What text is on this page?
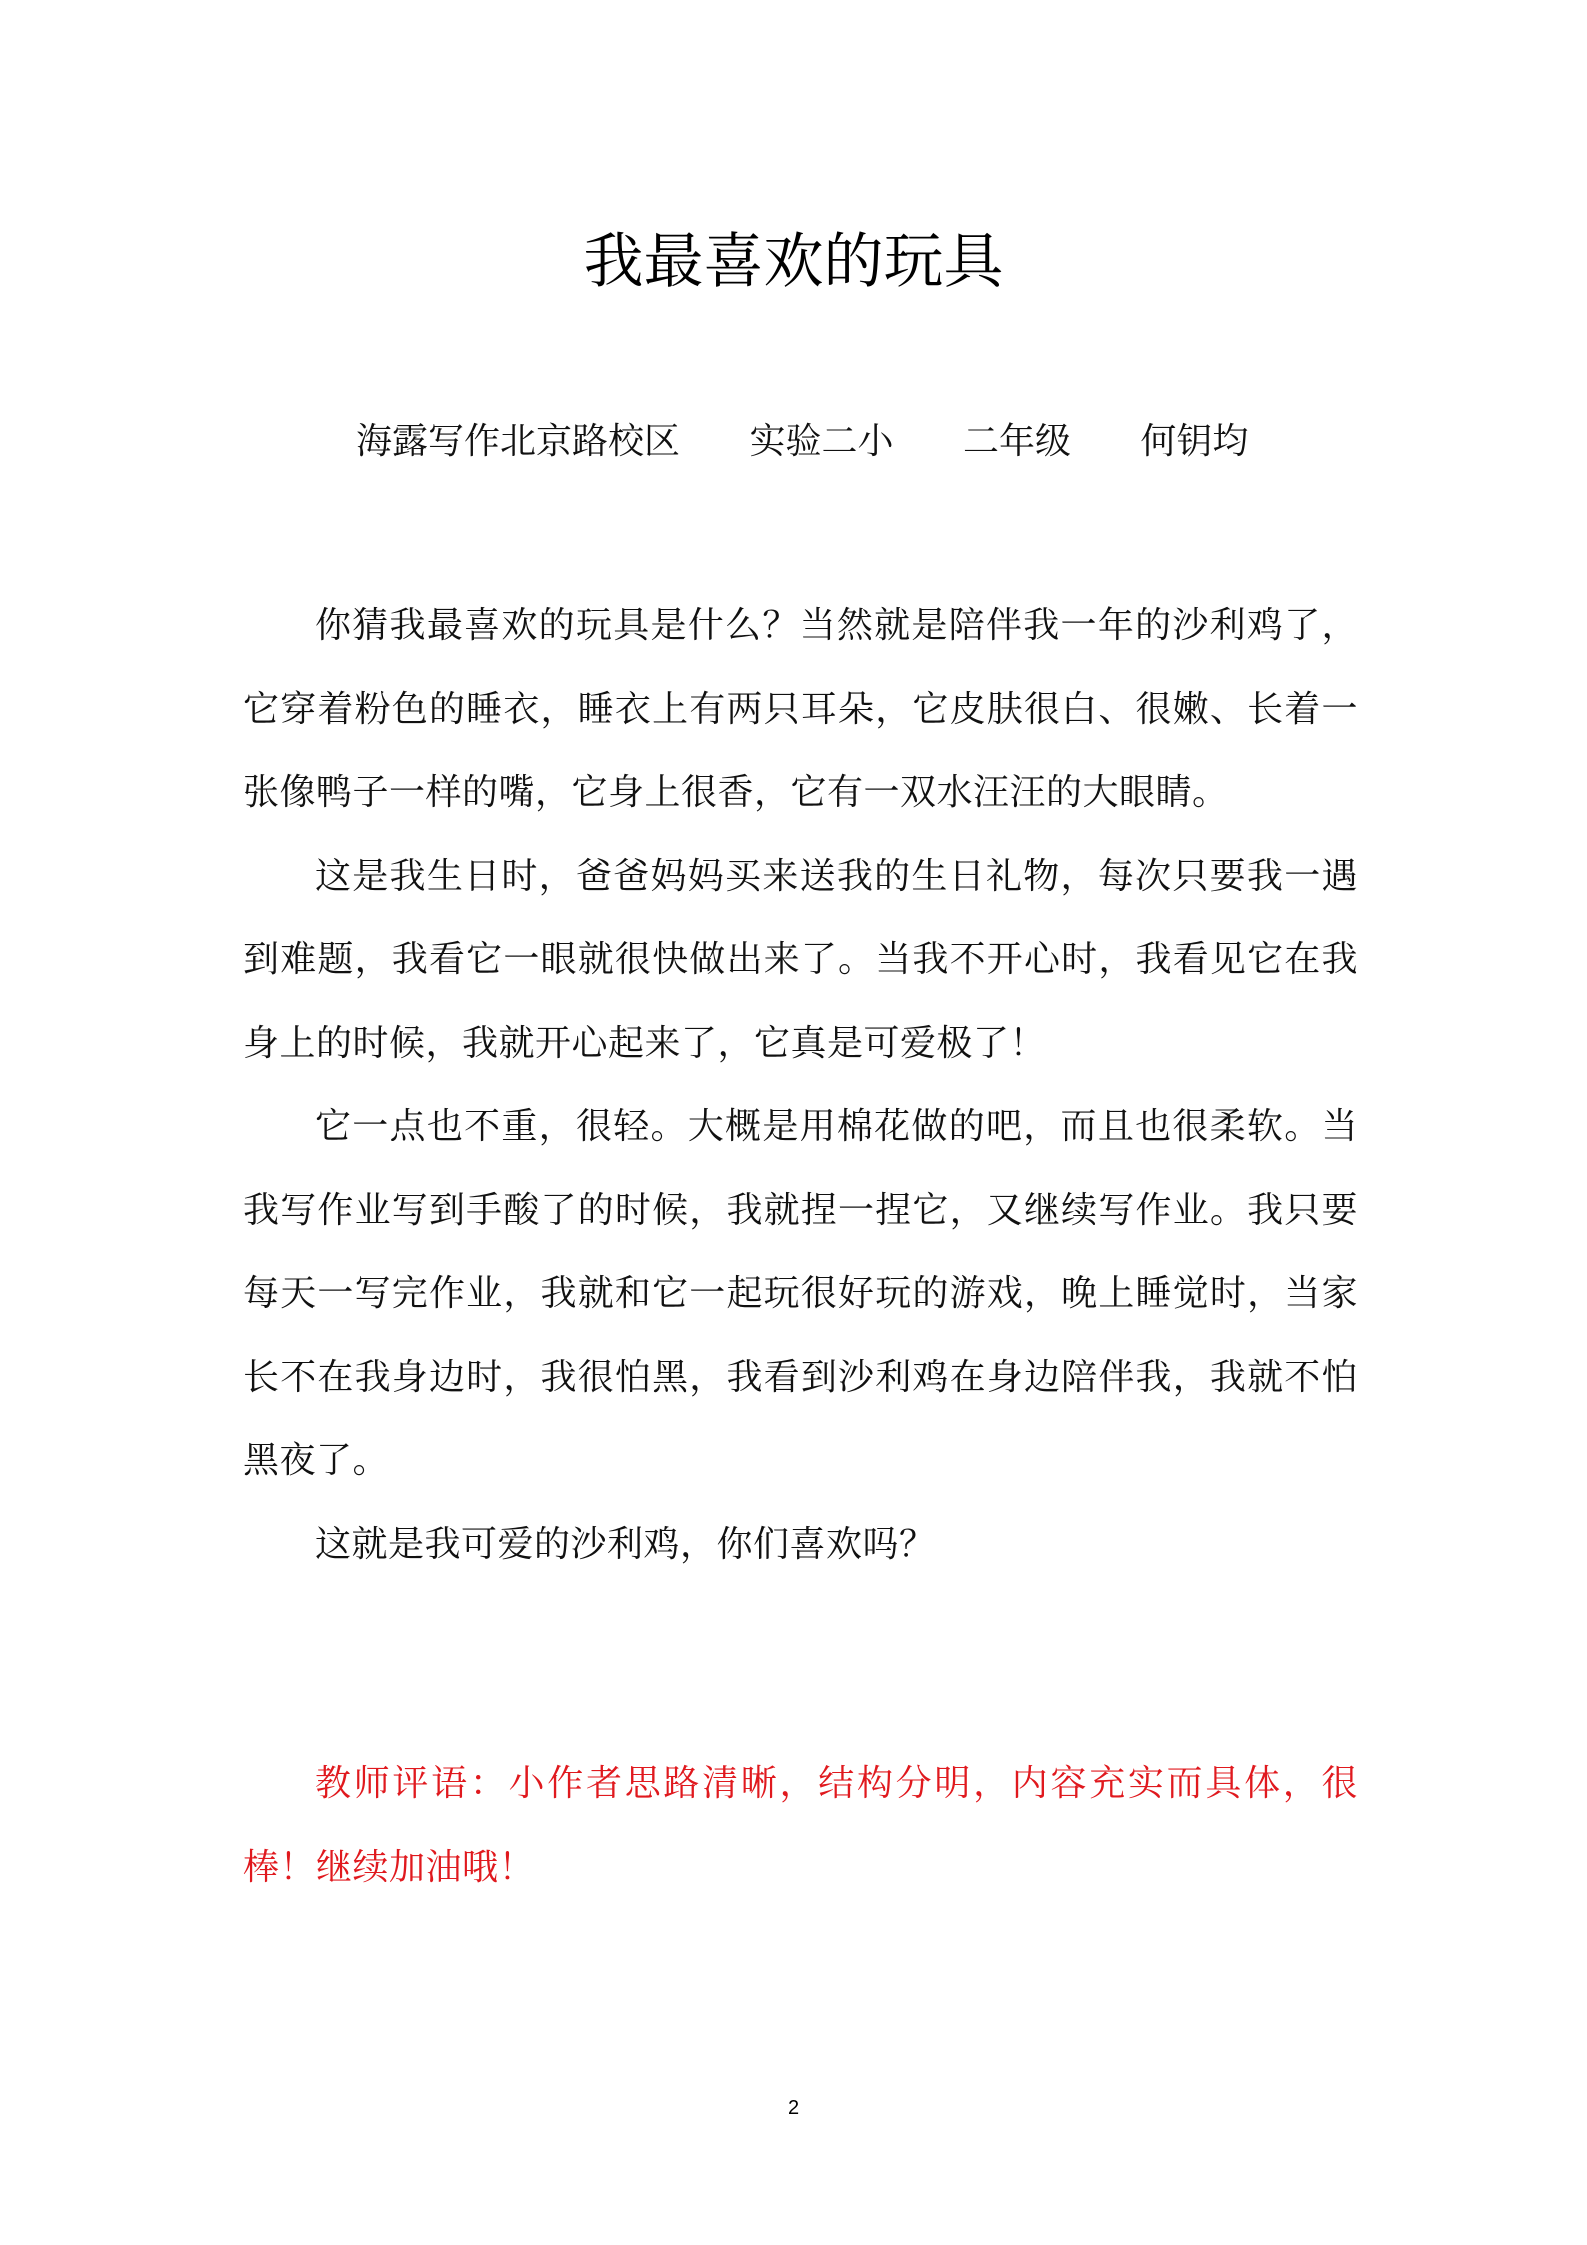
我最喜欢的玩具
海露写作北京路校区 实验二小 二年级 何钥均

你猜我最喜欢的玩具是什么？当然就是陪伴我一年的沙利鸡了，它穿着粉色的睡衣，睡衣上有两只耳朵，它皮肤很白、很嫩、长着一张像鸭子一样的嘴，它身上很香，它有一双水汪汪的大眼睛。

这是我生日时，爸爸妈妈买来送我的生日礼物，每次只要我一遇到难题，我看它一眼就很快做出来了。当我不开心时，我看见它在我身上的时候，我就开心起来了，它真是可爱极了！

它一点也不重，很轻。大概是用棉花做的吧，而且也很柔软。当我写作业写到手酸了的时候，我就捏一捏它，又继续写作业。我只要每天一写完作业，我就和它一起玩很好玩的游戏，晚上睡觉时，当家长不在我身边时，我很怕黑，我看到沙利鸡在身边陪伴我，我就不怕黑夜了。

这就是我可爱的沙利鸡，你们喜欢吗？

教师评语：小作者思路清晰，结构分明，内容充实而具体，很棒！继续加油哦！

2
